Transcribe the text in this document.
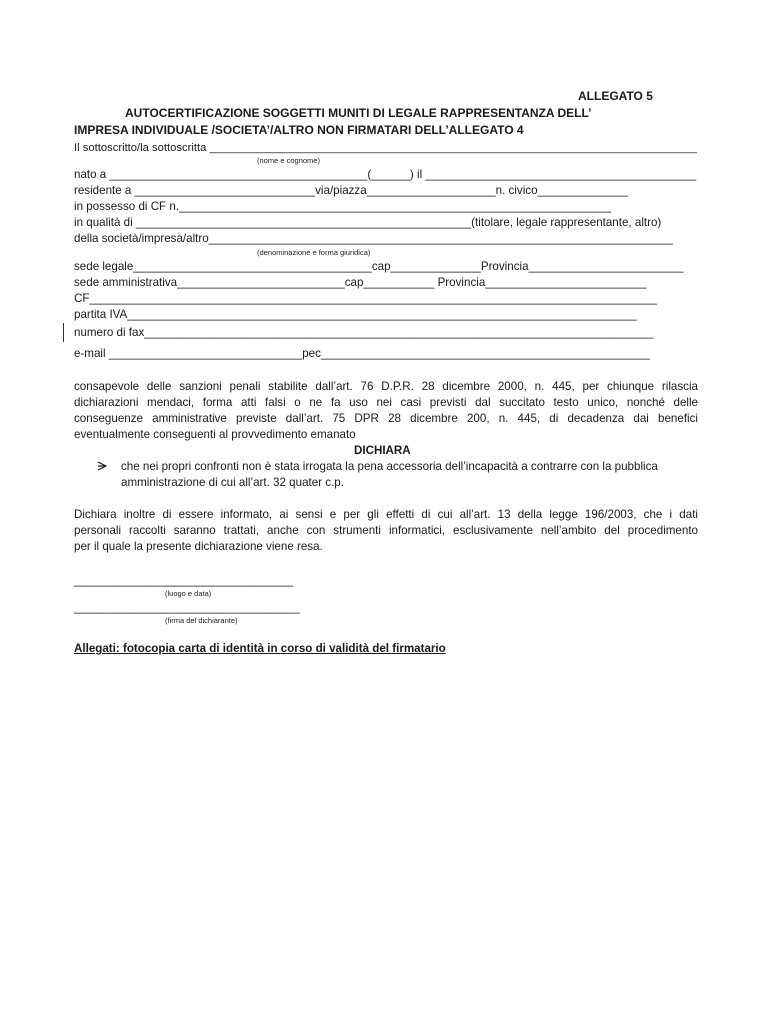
ALLEGATO 5
AUTOCERTIFICAZIONE SOGGETTI MUNITI DI LEGALE RAPPRESENTANZA DELL’
IMPRESA INDIVIDUALE /SOCIETA’/ALTRO NON FIRMATARI DELL’ALLEGATO 4
Il sottoscritto/la sottoscritta ______________________________________________________________________________
(nome e cognome)
nato a ________________________________________(______) il __________________________________________
residente a ____________________________via/piazza____________________n. civico______________
in possesso di CF n.___________________________________________________________________
in qualità di ____________________________________________________(titolare, legale rappresentante, altro)
della società/impresa/altro________________________________________________________________________
(denominazione e forma giuridica)
sede legale_____________________________________cap______________Provincia________________________
sede amministrativa__________________________cap___________ Provincia_________________________
CF________________________________________________________________________________________
partita IVA_______________________________________________________________________________
numero di fax_______________________________________________________________________________
e-mail ______________________________pec___________________________________________________
consapevole delle sanzioni penali stabilite dall’art. 76 D.P.R. 28 dicembre 2000, n. 445, per chiunque rilascia
dichiarazioni mendaci, forma atti falsi o ne fa uso nei casi previsti dal succitato testo unico, nonché delle
conseguenze amministrative previste dall’art. 75 DPR 28 dicembre 200, n. 445, di decadenza dai benefici
eventualmente conseguenti al provvedimento emanato
DICHIARA
che nei propri confronti non è stata irrogata la pena accessoria dell’incapacità a contrarre con la pubblica
amministrazione di cui all’art. 32 quater c.p.
Dichiara inoltre di essere informato, ai sensi e per gli effetti di cui all’art. 13 della legge 196/2003, che i dati
personali raccolti saranno trattati, anche con strumenti informatici, esclusivamente nell’ambito del procedimento
per il quale la presente dichiarazione viene resa.
__________________________________
(luogo e data)
___________________________________
(firma del dichiarante)
Allegati: fotocopia carta di identità in corso di validità del firmatario
